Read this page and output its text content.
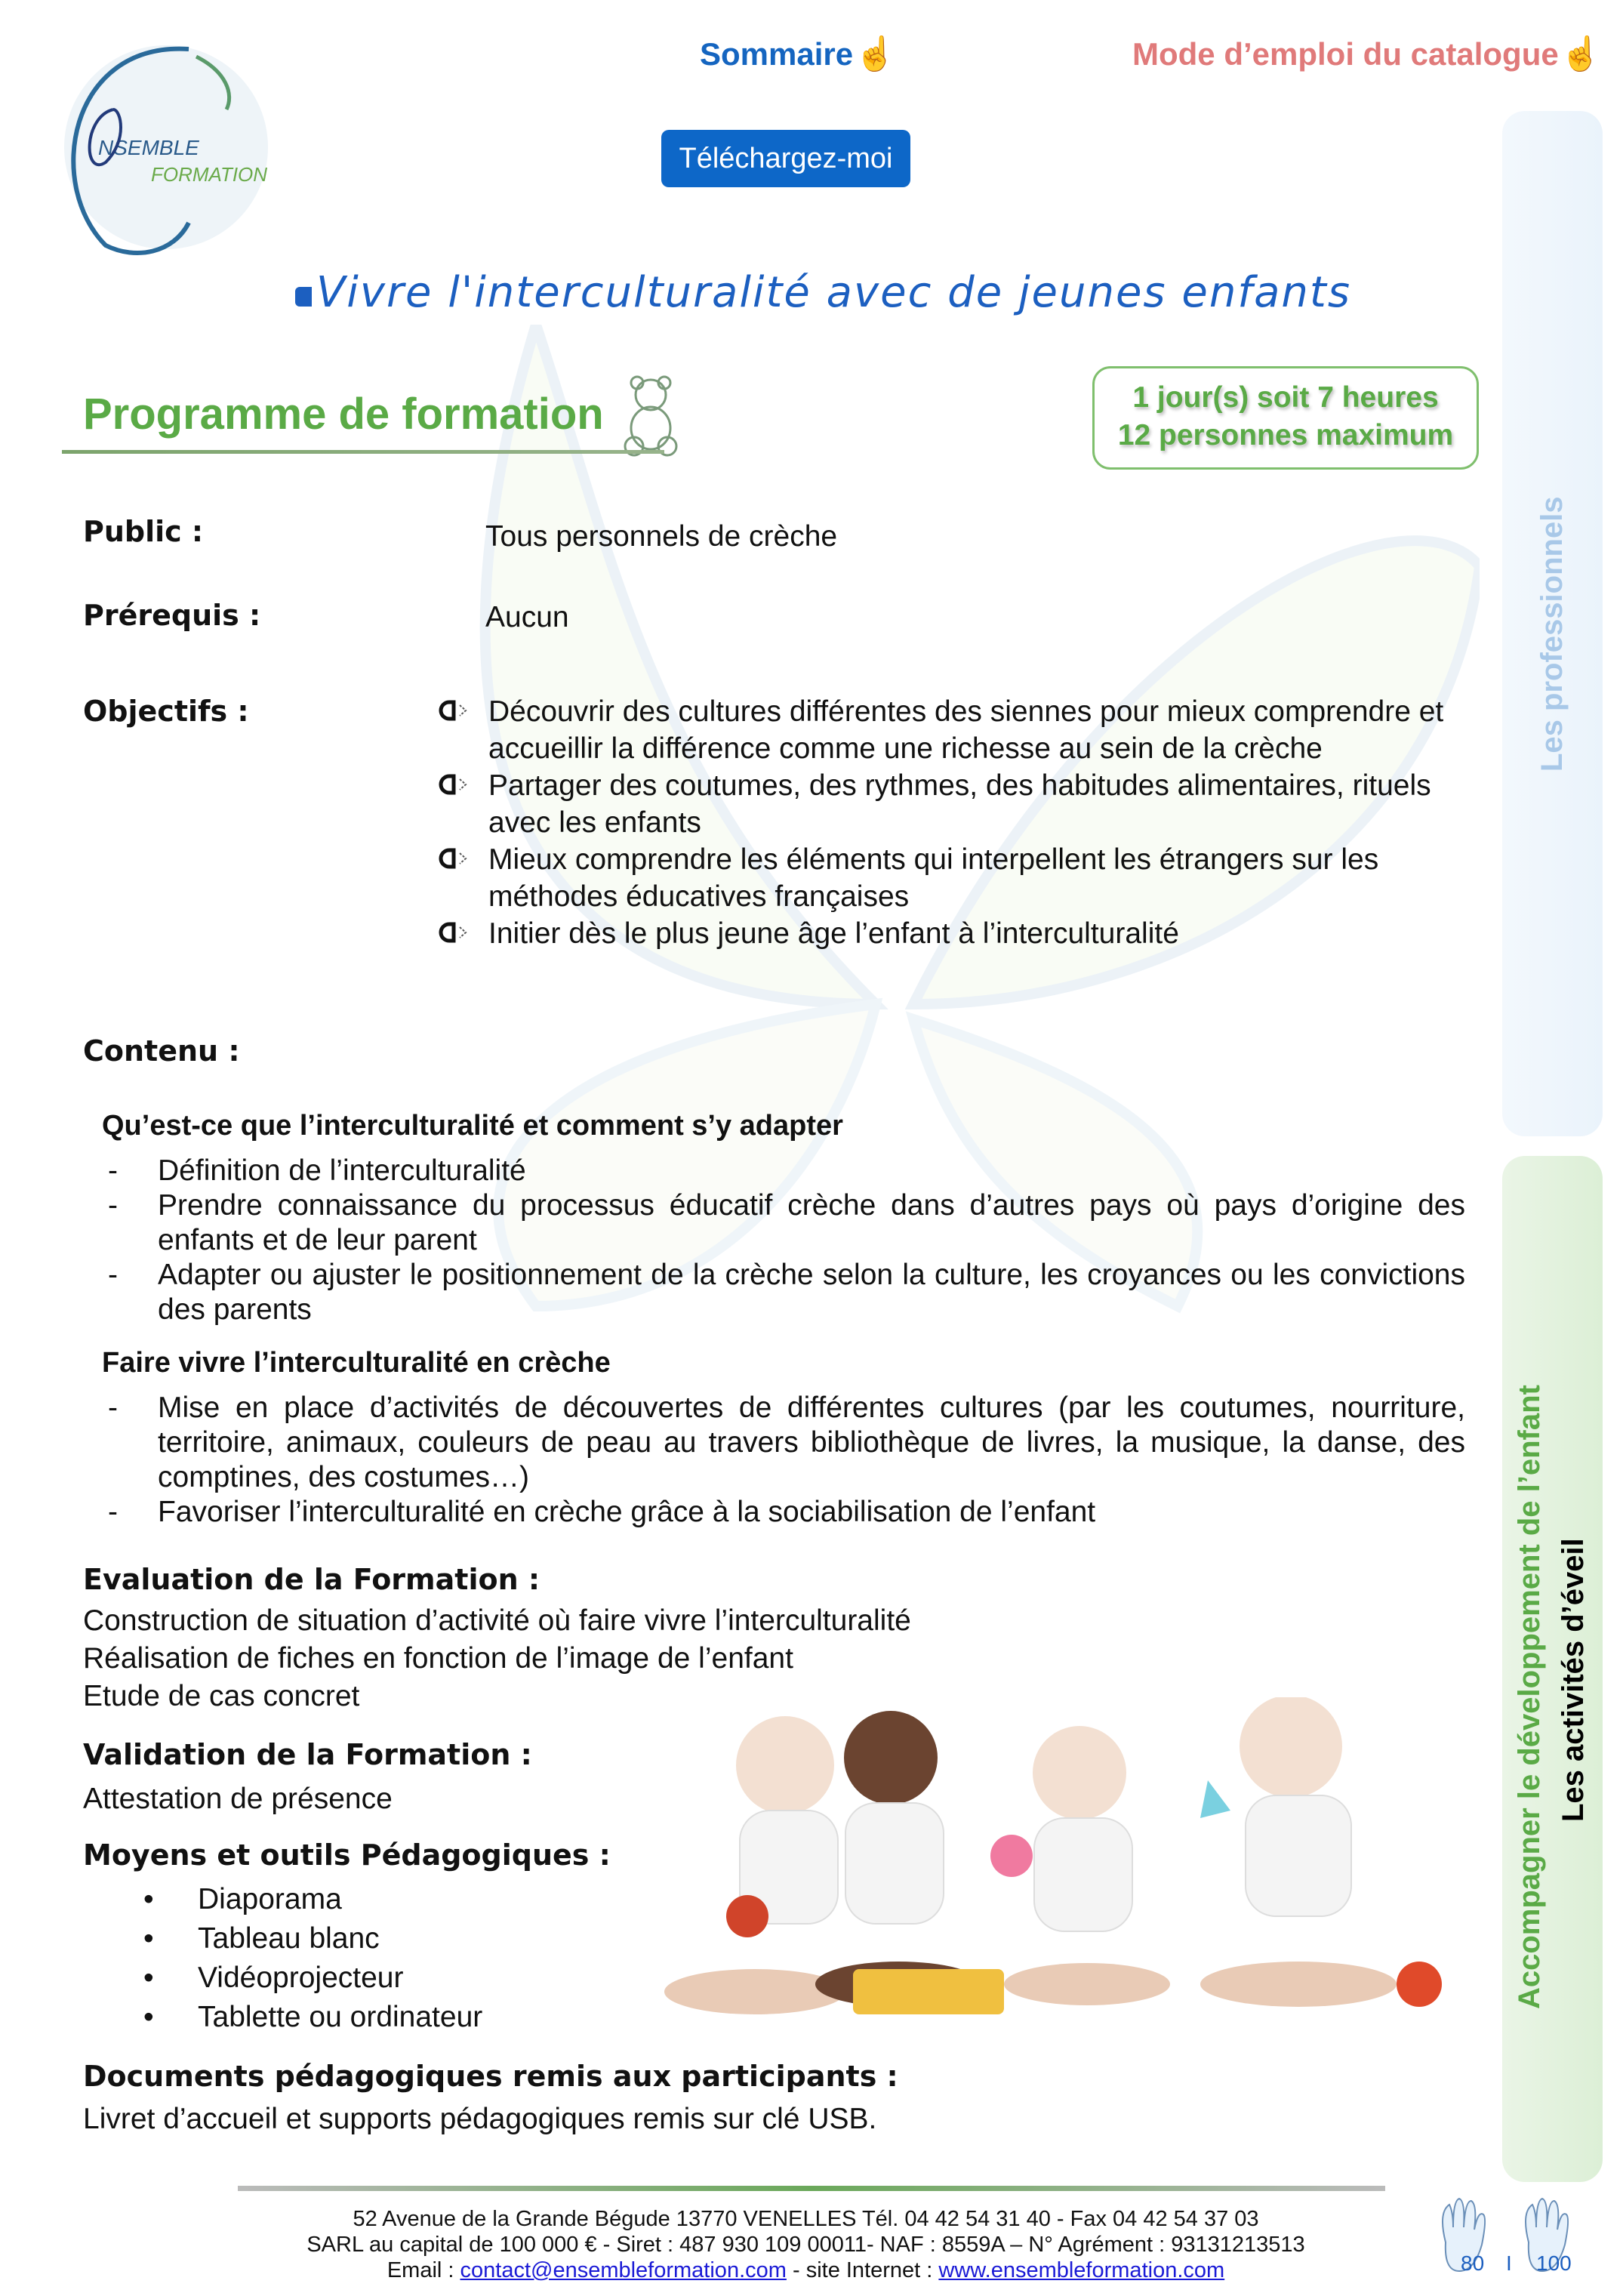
NSEMBLE
FORMATION
Sommaire☝	Mode d’emploi du catalogue☝
Téléchargez-moi
Vivre l'interculturalité avec de jeunes enfants
Programme de formation	1 jour(s) soit 7 heures
12 personnes maximum
Public :	Tous personnels de crèche
Prérequis :	Aucun
Objectifs :	Découvrir des cultures différentes des siennes pour mieux comprendre et accueillir la différence comme une richesse au sein de la crèche
Partager des coutumes, des rythmes, des habitudes alimentaires, rituels avec les enfants
Mieux comprendre les éléments qui interpellent les étrangers sur les méthodes éducatives françaises
Initier dès le plus jeune âge l’enfant à l’interculturalité
Contenu :
Qu’est-ce que l’interculturalité et comment s’y adapter
- Définition de l’interculturalité
- Prendre connaissance du processus éducatif crèche dans d’autres pays où pays d’origine des enfants et de leur parent
- Adapter ou ajuster le positionnement de la crèche selon la culture, les croyances ou les convictions des parents
Faire vivre l’interculturalité en crèche
- Mise en place d’activités de découvertes de différentes cultures (par les coutumes, nourriture, territoire, animaux, couleurs de peau au travers bibliothèque de livres, la musique, la danse, des comptines, des costumes…)
- Favoriser l’interculturalité en crèche grâce à la sociabilisation de l’enfant
Evaluation de la Formation :
Construction de situation d’activité où faire vivre l’interculturalité
Réalisation de fiches en fonction de l’image de l’enfant
Etude de cas concret
Validation de la Formation :
Attestation de présence
Moyens et outils Pédagogiques :
• Diaporama
• Tableau blanc
• Vidéoprojecteur
• Tablette ou ordinateur
Documents pédagogiques remis aux participants :
Livret d’accueil et supports pédagogiques remis sur clé USB.
Les professionnels
Accompagner le développement de l’enfant Les activités d’éveil
52 Avenue de la Grande Bégude 13770 VENELLES Tél. 04 42 54 31 40 - Fax 04 42 54 37 03
SARL au capital de 100 000 € - Siret : 487 930 109 00011- NAF : 8559A – N° Agrément : 93131213513
Email : contact@ensembleformation.com - site Internet : www.ensembleformation.com	80 I 100
